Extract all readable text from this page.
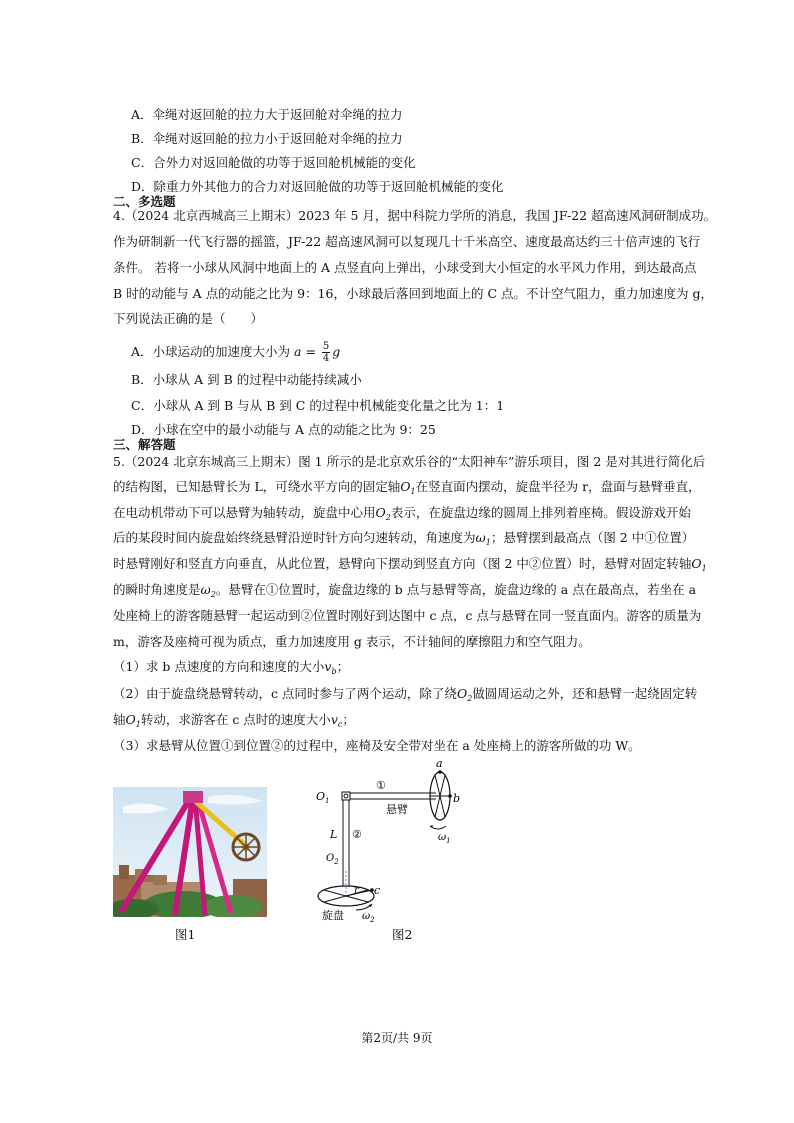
A．伞绳对返回舱的拉力大于返回舱对伞绳的拉力
B．伞绳对返回舱的拉力小于返回舱对伞绳的拉力
C．合外力对返回舱做的功等于返回舱机械能的变化
D．除重力外其他力的合力对返回舱做的功等于返回舱机械能的变化
二、多选题
4.（2024 北京西城高三上期末）2023 年 5 月，据中科院力学所的消息，我国 JF-22 超高速风洞研制成功。
作为研制新一代飞行器的摇篮，JF-22 超高速风洞可以复现几十千米高空、速度最高达约三十倍声速的飞行
条件。 若将一小球从风洞中地面上的 A 点竖直向上弹出，小球受到大小恒定的水平风力作用，到达最高点
B 时的动能与 A 点的动能之比为 9：16，小球最后落回到地面上的 C 点。不计空气阻力，重力加速度为 g，
下列说法正确的是（　　）
A．小球运动的加速度大小为 $a = \frac{5}{4}$ g
B．小球从 A 到 B 的过程中动能持续减小
C．小球从 A 到 B 与从 B 到 C 的过程中机械能变化量之比为 1：1
D．小球在空中的最小动能与 A 点的动能之比为 9：25
三、解答题
5.（2024 北京东城高三上期末）图 1 所示的是北京欢乐谷的“太阳神车”游乐项目，图 2 是对其进行简化后
的结构图，已知悬臂长为 L，可绕水平方向的固定轴$O_1$在竖直面内摆动，旋盘半径为 r，盘面与悬臂垂直，
在电动机带动下可以悬臂为轴转动，旋盘中心用$O_2$表示，在旋盘边缘的圆周上排列着座椅。假设游戏开始
后的某段时间内旋盘始终绕悬臂沿逆时针方向匀速转动，角速度为$\omega_1$；悬臂摆到最高点（图 2 中①位置）
时悬臂刚好和竖直方向垂直，从此位置，悬臂向下摆动到竖直方向（图 2 中②位置）时，悬臂对固定转轴$O_1$
的瞬时角速度是$\omega_2$。悬臂在①位置时，旋盘边缘的 b 点与悬臂等高，旋盘边缘的 a 点在最高点，若坐在 a
处座椅上的游客随悬臂一起运动到②位置时刚好到达图中 c 点，c 点与悬臂在同一竖直面内。游客的质量为
m，游客及座椅可视为质点，重力加速度用 g 表示，不计轴间的摩擦阻力和空气阻力。
（1）求 b 点速度的方向和速度的大小$v_b$；
（2）由于旋盘绕悬臂转动，c 点同时参与了两个运动，除了绕$O_2$做圆周运动之外，还和悬臂一起绕固定转
轴$O_1$转动，求游客在 c 点时的速度大小$v_c$；
（3）求悬臂从位置①到位置②的过程中，座椅及安全带对坐在 a 处座椅上的游客所做的功 W。
$O_1$
①
悬臂
a
b
$\omega_1$
L ②
$O_2$
r c
旋盘 $\omega_2$
图1	图2
第2页/共 9页
